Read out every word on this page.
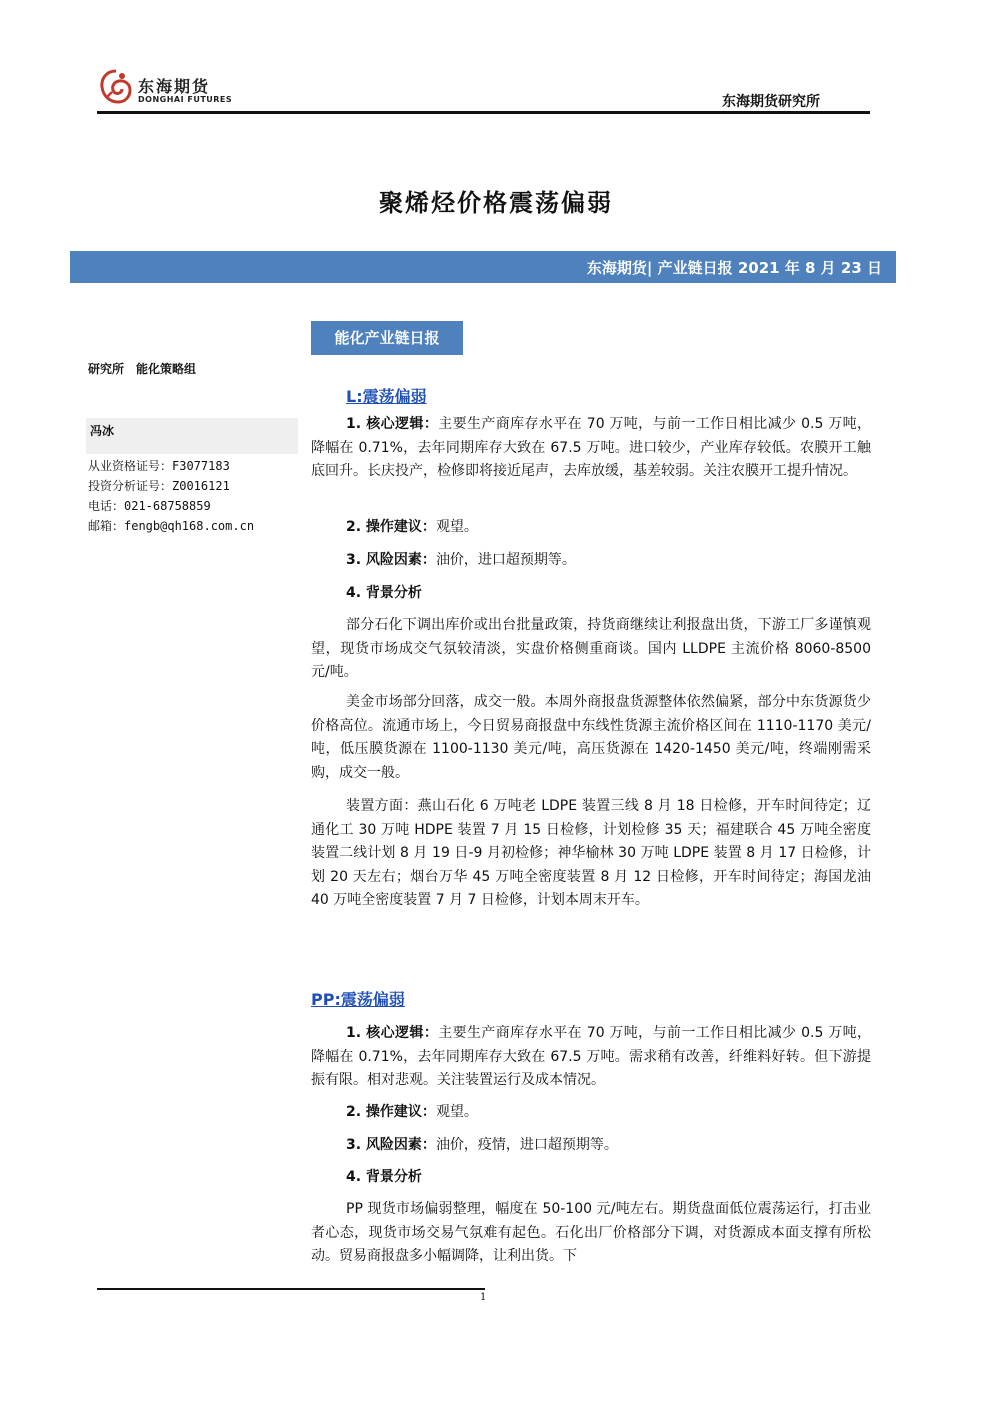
东海期货
DONGHAI FUTURES	东海期货研究所
聚烯烃价格震荡偏弱
东海期货| 产业链日报 2021 年 8 月 23 日
能化产业链日报
研究所　能化策略组
冯冰
从业资格证号：F3077183
投资分析证号：Z0016121
电话：021-68758859
邮箱：fengb@qh168.com.cn
L:震荡偏弱
1. 核心逻辑：主要生产商库存水平在 70 万吨，与前一工作日相比减少 0.5 万吨，降幅在 0.71%，去年同期库存大致在 67.5 万吨。进口较少，产业库存较低。农膜开工触底回升。长庆投产，检修即将接近尾声，去库放缓，基差较弱。关注农膜开工提升情况。
2. 操作建议：观望。
3. 风险因素：油价，进口超预期等。
4. 背景分析
部分石化下调出库价或出台批量政策，持货商继续让利报盘出货，下游工厂多谨慎观望，现货市场成交气氛较清淡，实盘价格侧重商谈。国内 LLDPE 主流价格 8060-8500 元/吨。
美金市场部分回落，成交一般。本周外商报盘货源整体依然偏紧，部分中东货源货少价格高位。流通市场上，今日贸易商报盘中东线性货源主流价格区间在 1110-1170 美元/吨，低压膜货源在 1100-1130 美元/吨，高压货源在 1420-1450 美元/吨，终端刚需采购，成交一般。
装置方面：燕山石化 6 万吨老 LDPE 装置三线 8 月 18 日检修，开车时间待定；辽通化工 30 万吨 HDPE 装置 7 月 15 日检修，计划检修 35 天；福建联合 45 万吨全密度装置二线计划 8 月 19 日-9 月初检修；神华榆林 30 万吨 LDPE 装置 8 月 17 日检修，计划 20 天左右；烟台万华 45 万吨全密度装置 8 月 12 日检修，开车时间待定；海国龙油 40 万吨全密度装置 7 月 7 日检修，计划本周末开车。
PP:震荡偏弱
1. 核心逻辑：主要生产商库存水平在 70 万吨，与前一工作日相比减少 0.5 万吨，降幅在 0.71%，去年同期库存大致在 67.5 万吨。需求稍有改善，纤维料好转。但下游提振有限。相对悲观。关注装置运行及成本情况。
2. 操作建议：观望。
3. 风险因素：油价，疫情，进口超预期等。
4. 背景分析
PP 现货市场偏弱整理，幅度在 50-100 元/吨左右。期货盘面低位震荡运行，打击业者心态，现货市场交易气氛难有起色。石化出厂价格部分下调，对货源成本面支撑有所松动。贸易商报盘多小幅调降，让利出货。下
1
